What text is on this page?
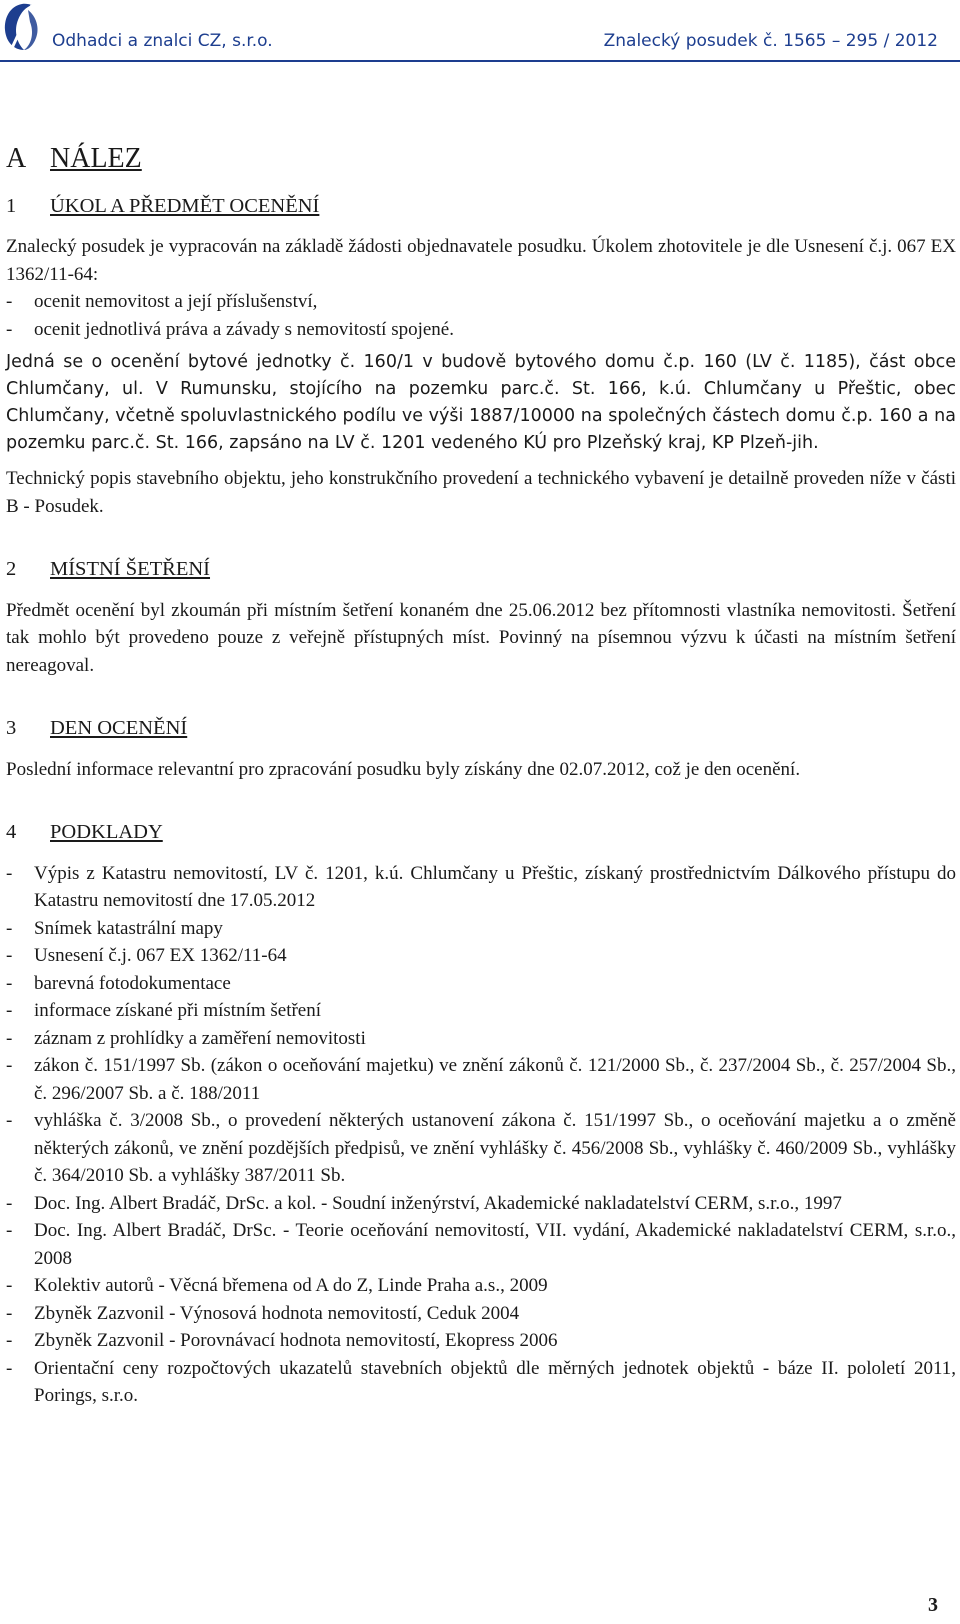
Odhadci a znalci CZ, s.r.o.	Znalecký posudek č. 1565 – 295 / 2012
A NÁLEZ
1	ÚKOL A PŘEDMĚT OCENĚNÍ

Znalecký posudek je vypracován na základě žádosti objednavatele posudku. Úkolem zhotovitele je dle Usnesení č.j. 067 EX 1362/11-64:

- ocenit nemovitost a její příslušenství,
- ocenit jednotlivá práva a závady s nemovitostí spojené.

Jedná se o ocenění bytové jednotky č. 160/1 v budově bytového domu č.p. 160 (LV č. 1185), část obce Chlumčany, ul. V Rumunsku, stojícího na pozemku parc.č. St. 166, k.ú. Chlumčany u Přeštic, obec Chlumčany, včetně spoluvlastnického podílu ve výši 1887/10000 na společných částech domu č.p. 160 a na pozemku parc.č. St. 166, zapsáno na LV č. 1201 vedeného KÚ pro Plzeňský kraj, KP Plzeň-jih.

Technický popis stavebního objektu, jeho konstrukčního provedení a technického vybavení je detailně proveden níže v části B - Posudek.

2	MÍSTNÍ ŠETŘENÍ

Předmět ocenění byl zkoumán při místním šetření konaném dne 25.06.2012 bez přítomnosti vlastníka nemovitosti. Šetření tak mohlo být provedeno pouze z veřejně přístupných míst. Povinný na písemnou výzvu k účasti na místním šetření nereagoval.

3	DEN OCENĚNÍ

Poslední informace relevantní pro zpracování posudku byly získány dne 02.07.2012, což je den ocenění.

4	PODKLADY
- Výpis z Katastru nemovitostí, LV č. 1201, k.ú. Chlumčany u Přeštic, získaný prostřednictvím Dálkového přístupu do Katastru nemovitostí dne 17.05.2012
- Snímek katastrální mapy
- Usnesení č.j. 067 EX 1362/11-64
- barevná fotodokumentace
- informace získané při místním šetření
- záznam z prohlídky a zaměření nemovitosti
- zákon č. 151/1997 Sb. (zákon o oceňování majetku) ve znění zákonů č. 121/2000 Sb., č. 237/2004 Sb., č. 257/2004 Sb., č. 296/2007 Sb. a č. 188/2011
- vyhláška č. 3/2008 Sb., o provedení některých ustanovení zákona č. 151/1997 Sb., o oceňování majetku a o změně některých zákonů, ve znění pozdějších předpisů, ve znění vyhlášky č. 456/2008 Sb., vyhlášky č. 460/2009 Sb., vyhlášky č. 364/2010 Sb. a vyhlášky 387/2011 Sb.
- Doc. Ing. Albert Bradáč, DrSc. a kol. - Soudní inženýrství, Akademické nakladatelství CERM, s.r.o., 1997
- Doc. Ing. Albert Bradáč, DrSc. - Teorie oceňování nemovitostí, VII. vydání, Akademické nakladatelství CERM, s.r.o., 2008
- Kolektiv autorů - Věcná břemena od A do Z, Linde Praha a.s., 2009
- Zbyněk Zazvonil - Výnosová hodnota nemovitostí, Ceduk 2004
- Zbyněk Zazvonil - Porovnávací hodnota nemovitostí, Ekopress 2006
- Orientační ceny rozpočtových ukazatelů stavebních objektů dle měrných jednotek objektů - báze II. pololetí 2011, Porings, s.r.o.
3
